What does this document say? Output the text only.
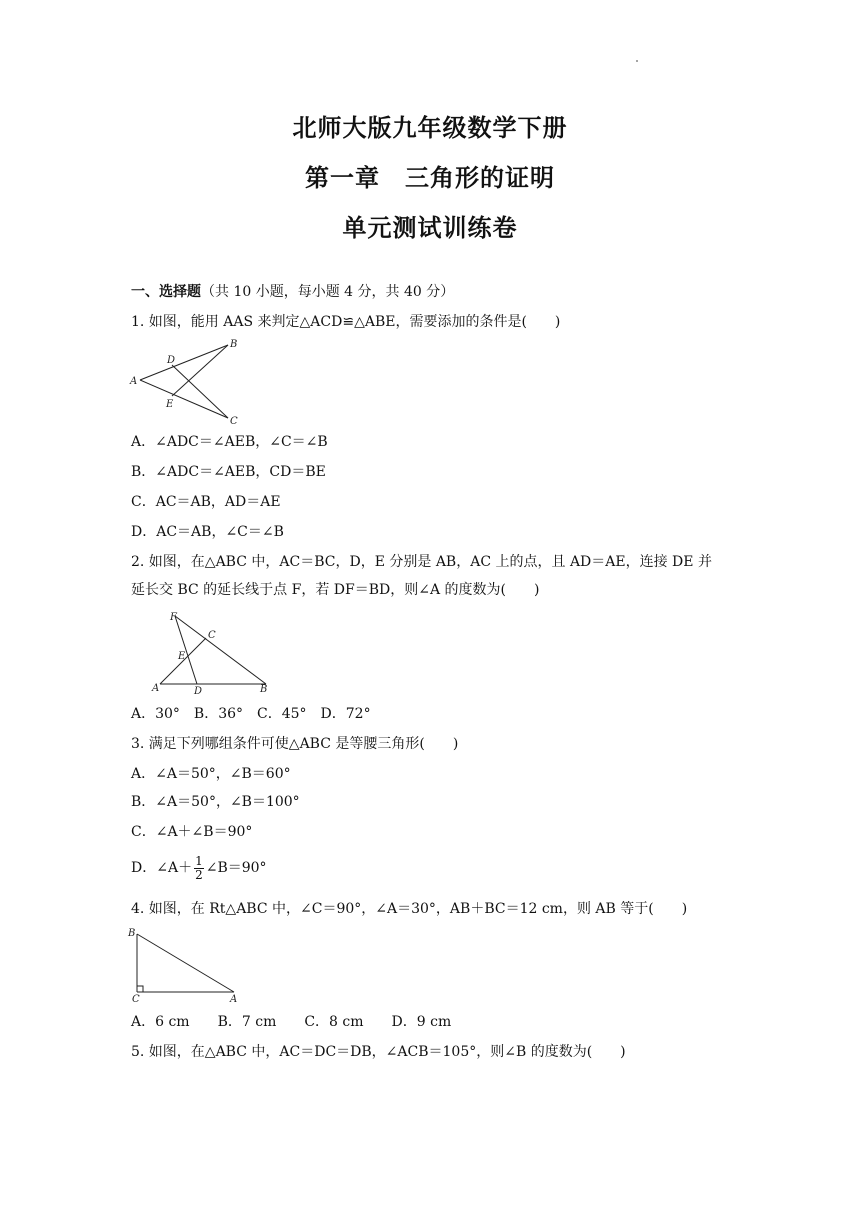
北师大版九年级数学下册
第一章　三角形的证明
单元测试训练卷
一、选择题（共 10 小题，每小题 4 分，共 40 分）
1. 如图，能用 AAS 来判定△ACD≌△ABE，需要添加的条件是(　　)
A
B
C
D
E
A．∠ADC＝∠AEB，∠C＝∠B
B．∠ADC＝∠AEB，CD＝BE
C．AC＝AB，AD＝AE
D．AC＝AB，∠C＝∠B
2. 如图，在△ABC 中，AC＝BC，D，E 分别是 AB，AC 上的点，且 AD＝AE，连接 DE 并
延长交 BC 的延长线于点 F，若 DF＝BD，则∠A 的度数为(　　)
F
C
E
A	D	B
A．30°　B．36°　C．45°　D．72°
3. 满足下列哪组条件可使△ABC 是等腰三角形(　　)
A．∠A＝50°，∠B＝60°
B．∠A＝50°，∠B＝100°
C．∠A＋∠B＝90°
D．∠A＋ $\frac{1}{2}$ ∠B＝90°
4. 如图，在 Rt△ABC 中，∠C＝90°，∠A＝30°，AB＋BC＝12 cm，则 AB 等于(　　)
B
C	A
A．6 cm　　B．7 cm　　C．8 cm　　D．9 cm
5. 如图，在△ABC 中，AC＝DC＝DB，∠ACB＝105°，则∠B 的度数为(　　)
